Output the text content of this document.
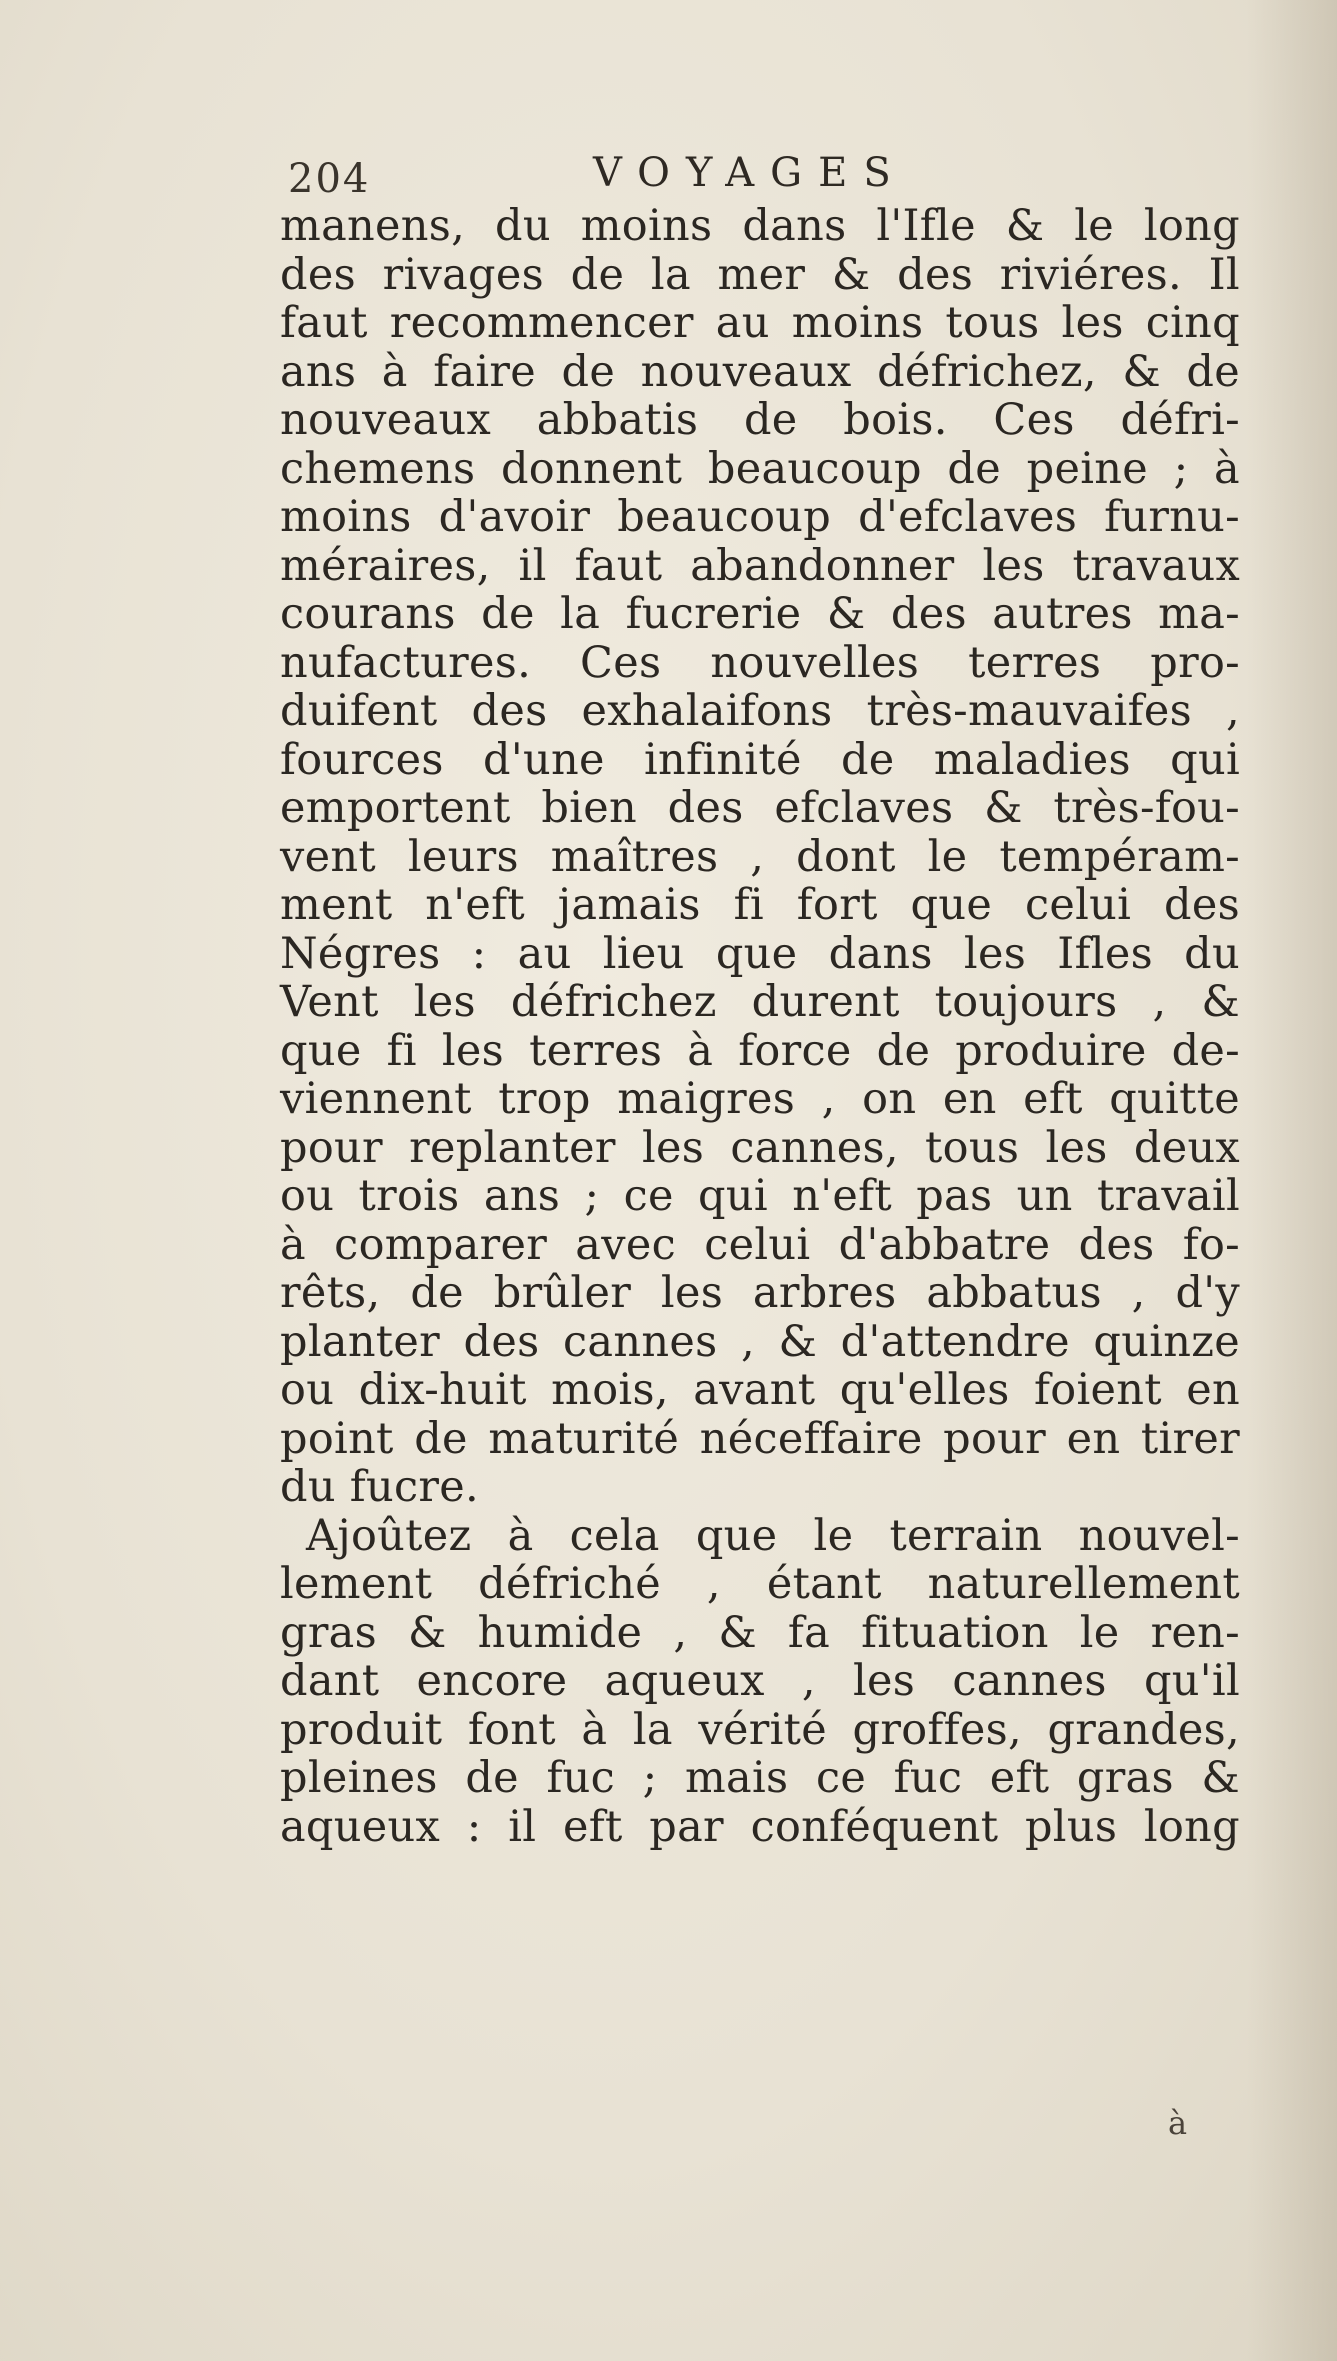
204	VOYAGES
manens, du moins dans l'Ifle & le long
des rivages de la mer & des riviéres. Il
faut recommencer au moins tous les cinq
ans à faire de nouveaux défrichez, & de
nouveaux abbatis de bois. Ces défri-
chemens donnent beaucoup de peine ; à
moins d'avoir beaucoup d'efclaves furnu-
méraires, il faut abandonner les travaux
courans de la fucrerie & des autres ma-
nufactures. Ces nouvelles terres pro-
duifent des exhalaifons très-mauvaifes ,
fources d'une infinité de maladies qui
emportent bien des efclaves & très-fou-
vent leurs maîtres , dont le tempéram-
ment n'eft jamais fi fort que celui des
Négres : au lieu que dans les Ifles du
Vent les défrichez durent toujours , &
que fi les terres à force de produire de-
viennent trop maigres , on en eft quitte
pour replanter les cannes, tous les deux
ou trois ans ; ce qui n'eft pas un travail
à comparer avec celui d'abbatre des fo-
rêts, de brûler les arbres abbatus , d'y
planter des cannes , & d'attendre quinze
ou dix-huit mois, avant qu'elles foient en
point de maturité néceffaire pour en tirer
du fucre.
Ajoûtez à cela que le terrain nouvel-
lement défriché , étant naturellement
gras & humide , & fa fituation le ren-
dant encore aqueux , les cannes qu'il
produit font à la vérité groffes, grandes,
pleines de fuc ; mais ce fuc eft gras &
aqueux : il eft par conféquent plus long
à
